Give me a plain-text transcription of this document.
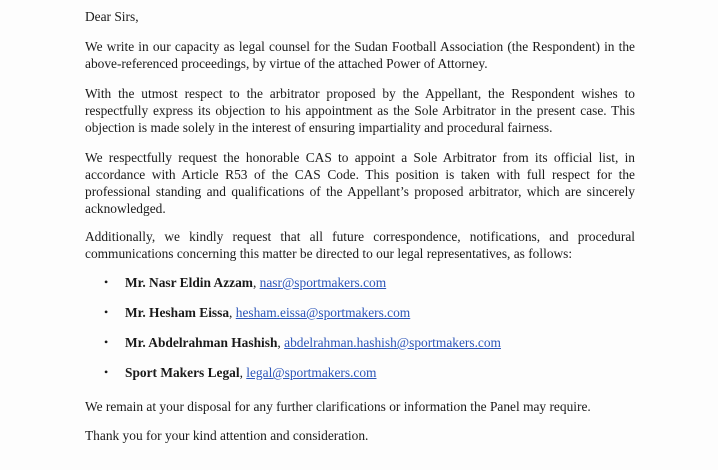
Dear Sirs,

We write in our capacity as legal counsel for the Sudan Football Association (the Respondent) in the above-referenced proceedings, by virtue of the attached Power of Attorney.

With the utmost respect to the arbitrator proposed by the Appellant, the Respondent wishes to respectfully express its objection to his appointment as the Sole Arbitrator in the present case. This objection is made solely in the interest of ensuring impartiality and procedural fairness.

We respectfully request the honorable CAS to appoint a Sole Arbitrator from its official list, in accordance with Article R53 of the CAS Code. This position is taken with full respect for the professional standing and qualifications of the Appellant’s proposed arbitrator, which are sincerely acknowledged.

Additionally, we kindly request that all future correspondence, notifications, and procedural communications concerning this matter be directed to our legal representatives, as follows:

• Mr. Nasr Eldin Azzam, nasr@sportmakers.com
• Mr. Hesham Eissa, hesham.eissa@sportmakers.com
• Mr. Abdelrahman Hashish, abdelrahman.hashish@sportmakers.com
• Sport Makers Legal, legal@sportmakers.com

We remain at your disposal for any further clarifications or information the Panel may require.

Thank you for your kind attention and consideration.
